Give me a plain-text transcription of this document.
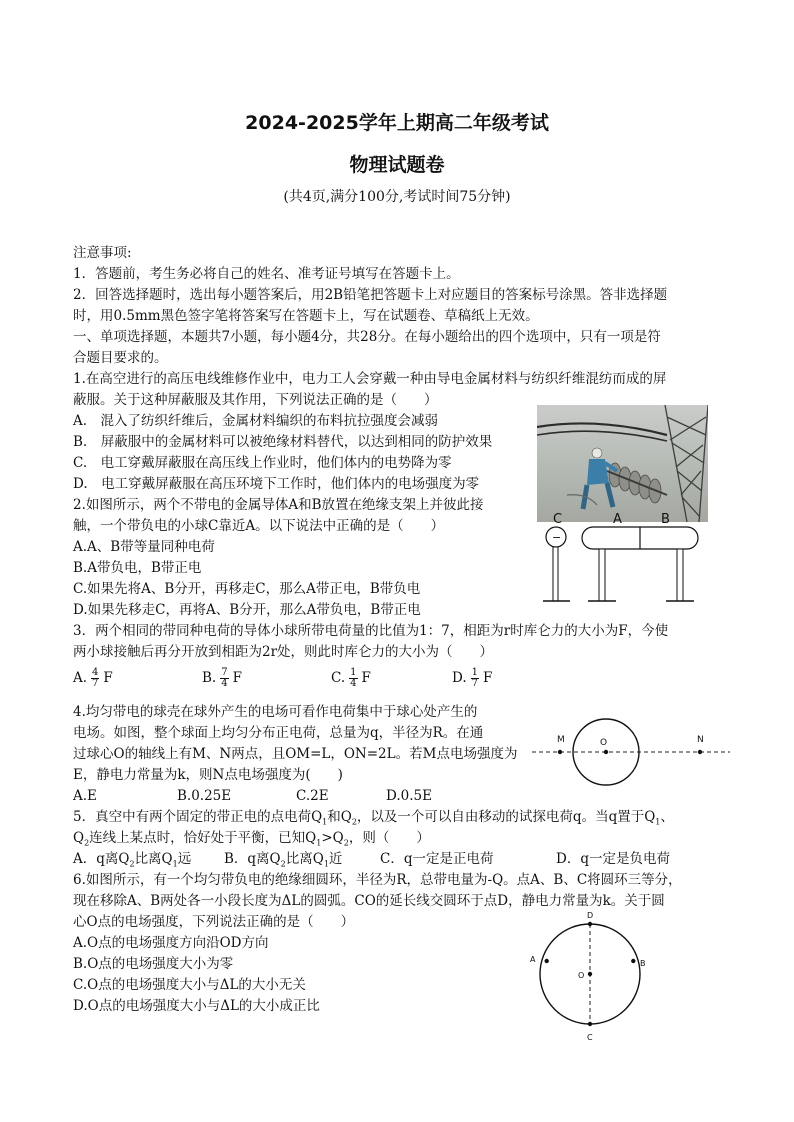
2024-2025学年上期高二年级考试
物理试题卷
(共4页,满分100分,考试时间75分钟)
注意事项:
1．答题前，考生务必将自己的姓名、准考证号填写在答题卡上。
2．回答选择题时，选出每小题答案后，用2B铅笔把答题卡上对应题目的答案标号涂黑。答非选择题
时，用0.5mm黑色签字笔将答案写在答题卡上，写在试题卷、草稿纸上无效。
一、单项选择题，本题共7小题，每小题4分，共28分。在每小题给出的四个选项中，只有一项是符
合题目要求的。
1.在高空进行的高压电线维修作业中，电力工人会穿戴一种由导电金属材料与纺织纤维混纺而成的屏
蔽服。关于这种屏蔽服及其作用，下列说法正确的是（　　）
A.　混入了纺织纤维后，金属材料编织的布料抗拉强度会减弱
B.　屏蔽服中的金属材料可以被绝缘材料替代，以达到相同的防护效果
C.　电工穿戴屏蔽服在高压线上作业时，他们体内的电势降为零
D.　电工穿戴屏蔽服在高压环境下工作时，他们体内的电场强度为零
2.如图所示，两个不带电的金属导体A和B放置在绝缘支架上并彼此接
触，一个带负电的小球C靠近A。以下说法中正确的是（　　）
A.A、B带等量同种电荷
B.A带负电，B带正电
C.如果先将A、B分开，再移走C，那么A带正电，B带负电
D.如果先移走C，再将A、B分开，那么A带负电，B带正电
C	A	B
−
3．两个相同的带同种电荷的导体小球所带电荷量的比值为1：7，相距为r时库仑力的大小为F，今使
两小球接触后再分开放到相距为2r处，则此时库仑力的大小为（　　）
A. $\frac{4}{7}$ F	B. $\frac{7}{4}$ F	C. $\frac{1}{4}$ F	D. $\frac{1}{7}$ F
4.均匀带电的球壳在球外产生的电场可看作电荷集中于球心处产生的
电场。如图，整个球面上均匀分布正电荷，总量为q，半径为R。在通
过球心O的轴线上有M、N两点，且OM=L，ON=2L。若M点电场强度为
E，静电力常量为k，则N点电场强度为(　　)
A.E	B.0.25E	C.2E	D.0.5E
M	O	N
5．真空中有两个固定的带正电的点电荷$Q_1$和$Q_2$，以及一个可以自由移动的试探电荷q。当q置于$Q_1$、
$Q_2$连线上某点时，恰好处于平衡，已知$Q_1>Q_2$，则（　　）
A．q离$Q_2$比离$Q_1$远 B．q离$Q_2$比离$Q_1$近	C．q一定是正电荷	D．q一定是负电荷
6.如图所示，有一个均匀带负电的绝缘细圆环，半径为R，总带电量为-Q。点A、B、C将圆环三等分，
现在移除A、B两处各一小段长度为ΔL的圆弧。CO的延长线交圆环于点D，静电力常量为k。关于圆
心O点的电场强度，下列说法正确的是（　　）
A.O点的电场强度方向沿OD方向
B.O点的电场强度大小为零
C.O点的电场强度大小与ΔL的大小无关
D.O点的电场强度大小与ΔL的大小成正比
D
A
O
B
C
